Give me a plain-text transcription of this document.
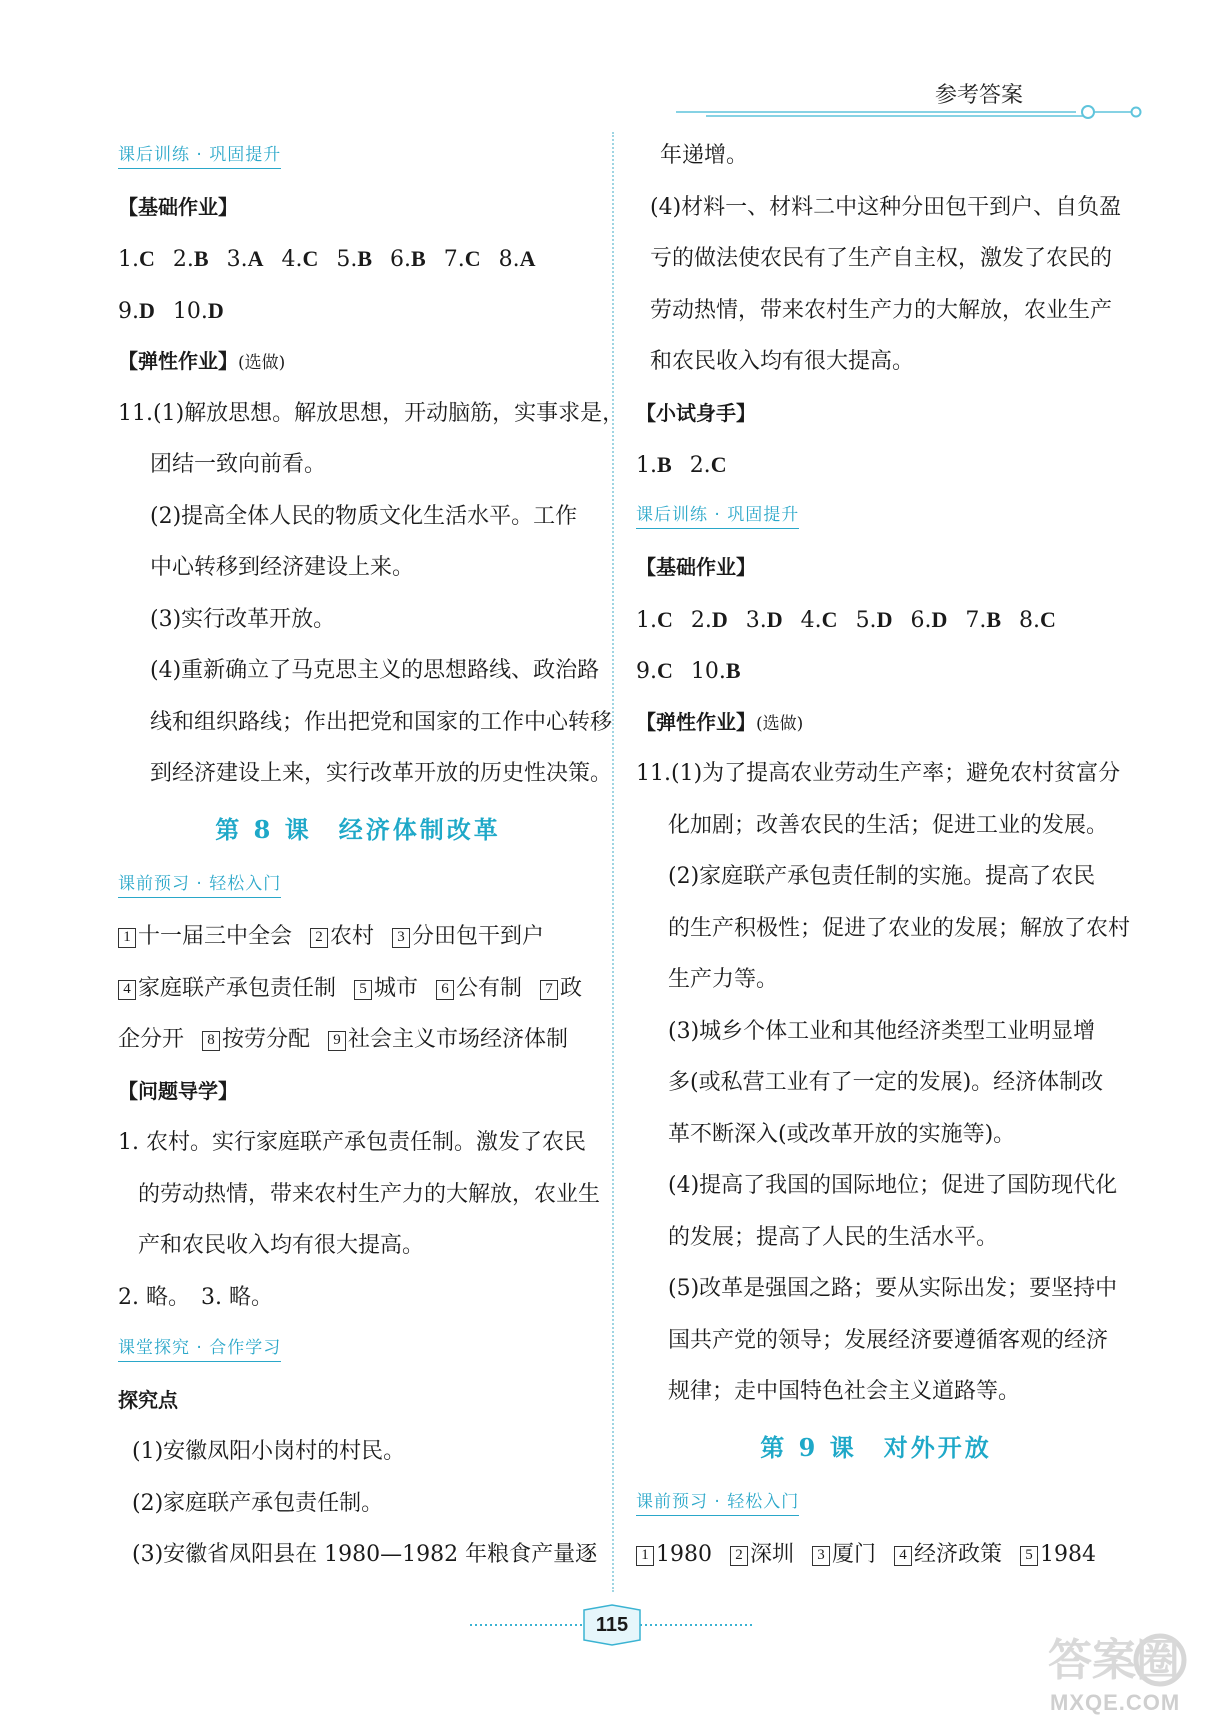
参考答案
课后训练 · 巩固提升
【基础作业】
1.C 2.B 3.A 4.C 5.B 6.B 7.C 8.A
9.D 10.D
【弹性作业】(选做)
11.(1)解放思想。解放思想，开动脑筋，实事求是，
团结一致向前看。
(2)提高全体人民的物质文化生活水平。工作
中心转移到经济建设上来。
(3)实行改革开放。
(4)重新确立了马克思主义的思想路线、政治路
线和组织路线；作出把党和国家的工作中心转移
到经济建设上来，实行改革开放的历史性决策。
第 8 课　经济体制改革
课前预习 · 轻松入门
1 十一届三中全会 2 农村 3 分田包干到户
4 家庭联产承包责任制 5 城市 6 公有制 7 政
企分开 8 按劳分配 9 社会主义市场经济体制
【问题导学】
1. 农村。实行家庭联产承包责任制。激发了农民
的劳动热情，带来农村生产力的大解放，农业生
产和农民收入均有很大提高。
2. 略。　3. 略。
课堂探究 · 合作学习
探究点
(1)安徽凤阳小岗村的村民。
(2)家庭联产承包责任制。
(3)安徽省凤阳县在 1980—1982 年粮食产量逐
年递增。
(4)材料一、材料二中这种分田包干到户、自负盈
亏的做法使农民有了生产自主权，激发了农民的
劳动热情，带来农村生产力的大解放，农业生产
和农民收入均有很大提高。
【小试身手】
1.B 2.C
课后训练 · 巩固提升
【基础作业】
1.C 2.D 3.D 4.C 5.D 6.D 7.B 8.C
9.C 10.B
【弹性作业】(选做)
11.(1)为了提高农业劳动生产率；避免农村贫富分
化加剧；改善农民的生活；促进工业的发展。
(2)家庭联产承包责任制的实施。提高了农民
的生产积极性；促进了农业的发展；解放了农村
生产力等。
(3)城乡个体工业和其他经济类型工业明显增
多(或私营工业有了一定的发展)。经济体制改
革不断深入(或改革开放的实施等)。
(4)提高了我国的国际地位；促进了国防现代化
的发展；提高了人民的生活水平。
(5)改革是强国之路；要从实际出发；要坚持中
国共产党的领导；发展经济要遵循客观的经济
规律；走中国特色社会主义道路等。
第 9 课　对外开放
课前预习 · 轻松入门
1 1980 2 深圳 3 厦门 4 经济政策 5 1984
115
答案圈
MXQE.COM
